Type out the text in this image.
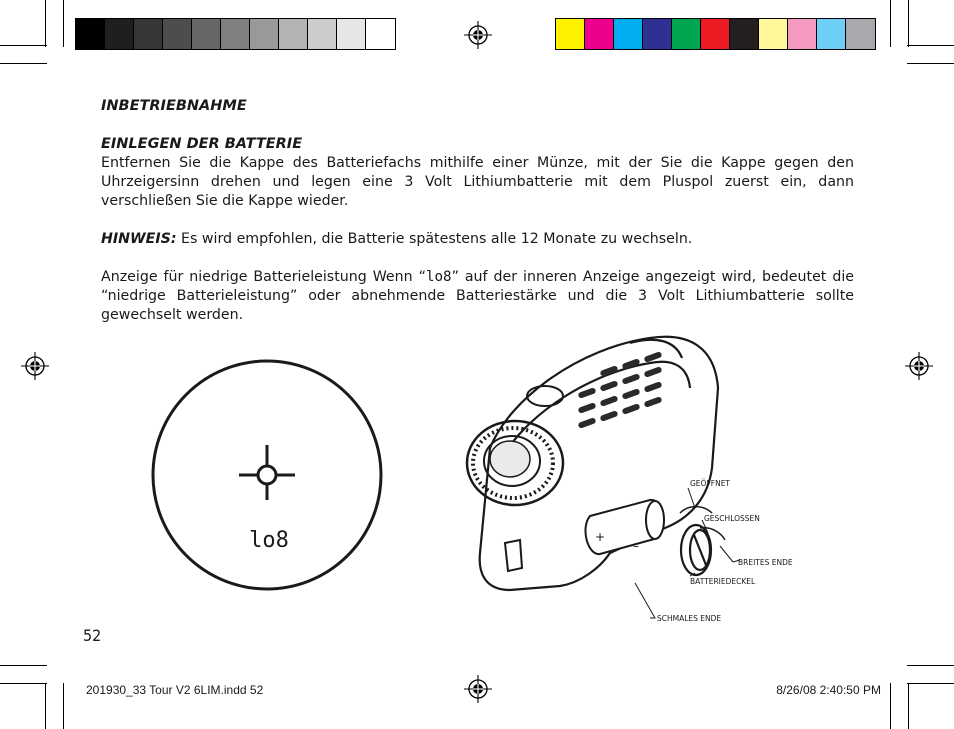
INBETRIEBNAHME

EINLEGEN DER BATTERIE

Entfernen Sie die Kappe des Batteriefachs mithilfe einer Münze, mit der Sie die Kappe gegen den Uhrzeigersinn drehen und legen eine 3 Volt Lithiumbatterie mit dem Pluspol zuerst ein, dann verschließen Sie die Kappe wieder.

HINWEIS: Es wird empfohlen, die Batterie spätestens alle 12 Monate zu wechseln.

Anzeige für niedrige Batterieleistung Wenn “lo8” auf der inneren Anzeige angezeigt wird, bedeutet die “niedrige Batterieleistung” oder abnehmende Batteriestärke und die 3 Volt Lithiumbatterie sollte gewechselt werden.

lo8	+
–
GEÖFFNET
GESCHLOSSEN
BREITES ENDE
BATTERIEDECKEL
SCHMALES ENDE
52
201930_33 Tour V2 6LIM.indd 52	8/26/08 2:40:50 PM
